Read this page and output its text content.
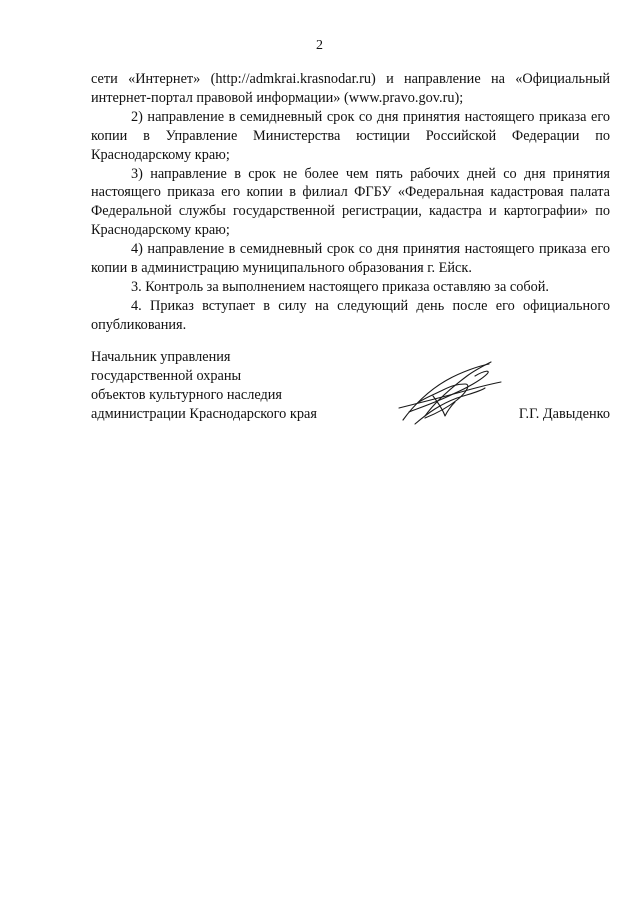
2

сети «Интернет» (http://admkrai.krasnodar.ru) и направление на «Официальный интернет-портал правовой информации» (www.pravo.gov.ru);

2) направление в семидневный срок со дня принятия настоящего приказа его копии в Управление Министерства юстиции Российской Федерации по Краснодарскому краю;

3) направление в срок не более чем пять рабочих дней со дня принятия настоящего приказа его копии в филиал ФГБУ «Федеральная кадастровая палата Федеральной службы государственной регистрации, кадастра и картографии» по Краснодарскому краю;

4) направление в семидневный срок со дня принятия настоящего приказа его копии в администрацию муниципального образования г. Ейск.

3. Контроль за выполнением настоящего приказа оставляю за собой.

4. Приказ вступает в силу на следующий день после его официального опубликования.

Начальник управления
государственной охраны
объектов культурного наследия
администрации Краснодарского края	Г.Г. Давыденко
